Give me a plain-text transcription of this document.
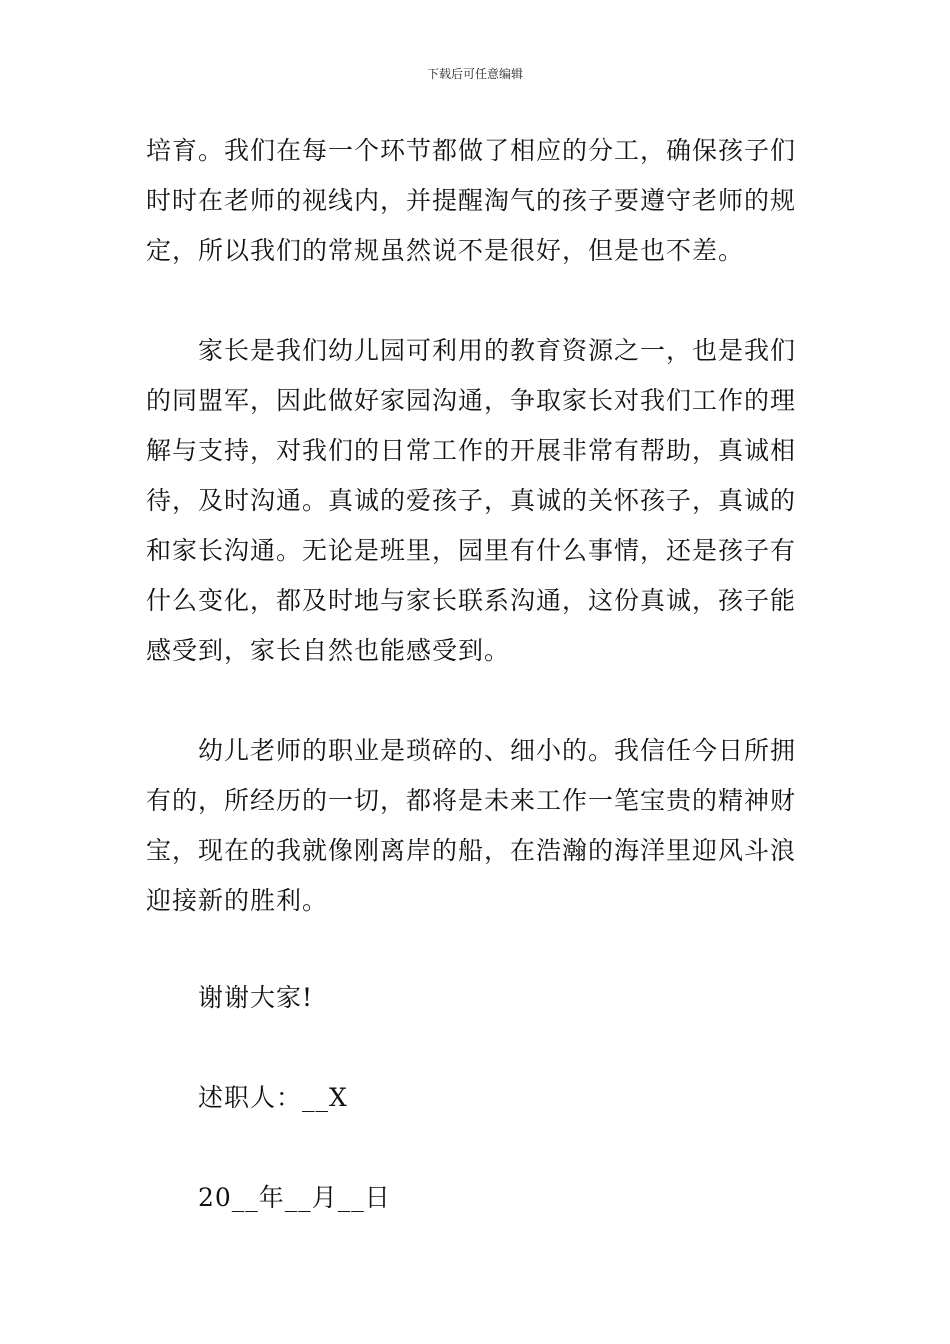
下载后可任意编辑
培育。我们在每一个环节都做了相应的分工，确保孩子们
时时在老师的视线内，并提醒淘气的孩子要遵守老师的规
定，所以我们的常规虽然说不是很好，但是也不差。
家长是我们幼儿园可利用的教育资源之一，也是我们
的同盟军，因此做好家园沟通，争取家长对我们工作的理
解与支持，对我们的日常工作的开展非常有帮助，真诚相
待，及时沟通。真诚的爱孩子，真诚的关怀孩子，真诚的
和家长沟通。无论是班里，园里有什么事情，还是孩子有
什么变化，都及时地与家长联系沟通，这份真诚，孩子能
感受到，家长自然也能感受到。
幼儿老师的职业是琐碎的、细小的。我信任今日所拥
有的，所经历的一切，都将是未来工作一笔宝贵的精神财
宝，现在的我就像刚离岸的船，在浩瀚的海洋里迎风斗浪
迎接新的胜利。
谢谢大家!
述职人：__X
20__年__月__日
